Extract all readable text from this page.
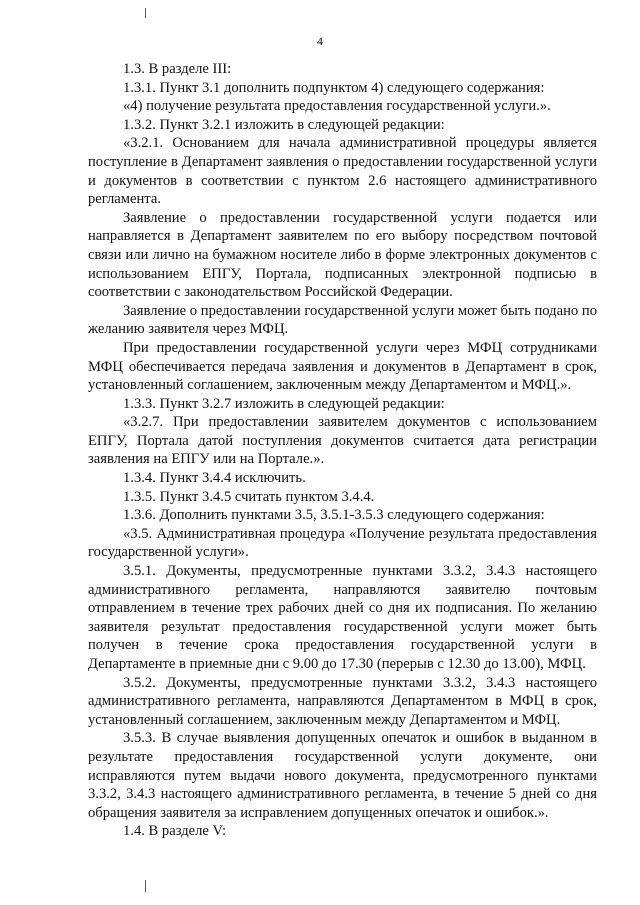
4

1.3. В разделе III:

1.3.1. Пункт 3.1 дополнить подпунктом 4) следующего содержания:

«4) получение результата предоставления государственной услуги.».

1.3.2. Пункт 3.2.1 изложить в следующей редакции:

«3.2.1. Основанием для начала административной процедуры является поступление в Департамент заявления о предоставлении государственной услуги и документов в соответствии с пунктом 2.6 настоящего административного регламента.

Заявление о предоставлении государственной услуги подается или направляется в Департамент заявителем по его выбору посредством почтовой связи или лично на бумажном носителе либо в форме электронных документов с использованием ЕПГУ, Портала, подписанных электронной подписью в соответствии с законодательством Российской Федерации.

Заявление о предоставлении государственной услуги может быть подано по желанию заявителя через МФЦ.

При предоставлении государственной услуги через МФЦ сотрудниками МФЦ обеспечивается передача заявления и документов в Департамент в срок, установленный соглашением, заключенным между Департаментом и МФЦ.».

1.3.3. Пункт 3.2.7 изложить в следующей редакции:

«3.2.7. При предоставлении заявителем документов с использованием ЕПГУ, Портала датой поступления документов считается дата регистрации заявления на ЕПГУ или на Портале.».

1.3.4. Пункт 3.4.4 исключить.

1.3.5. Пункт 3.4.5 считать пунктом 3.4.4.

1.3.6. Дополнить пунктами 3.5, 3.5.1-3.5.3 следующего содержания:

«3.5. Административная процедура «Получение результата предоставления государственной услуги».

3.5.1. Документы, предусмотренные пунктами 3.3.2, 3.4.3 настоящего административного регламента, направляются заявителю почтовым отправлением в течение трех рабочих дней со дня их подписания. По желанию заявителя результат предоставления государственной услуги может быть получен в течение срока предоставления государственной услуги в Департаменте в приемные дни с 9.00 до 17.30 (перерыв с 12.30 до 13.00), МФЦ.

3.5.2. Документы, предусмотренные пунктами 3.3.2, 3.4.3 настоящего административного регламента, направляются Департаментом в МФЦ в срок, установленный соглашением, заключенным между Департаментом и МФЦ.

3.5.3. В случае выявления допущенных опечаток и ошибок в выданном в результате предоставления государственной услуги документе, они исправляются путем выдачи нового документа, предусмотренного пунктами 3.3.2, 3.4.3 настоящего административного регламента, в течение 5 дней со дня обращения заявителя за исправлением допущенных опечаток и ошибок.».

1.4. В разделе V:
